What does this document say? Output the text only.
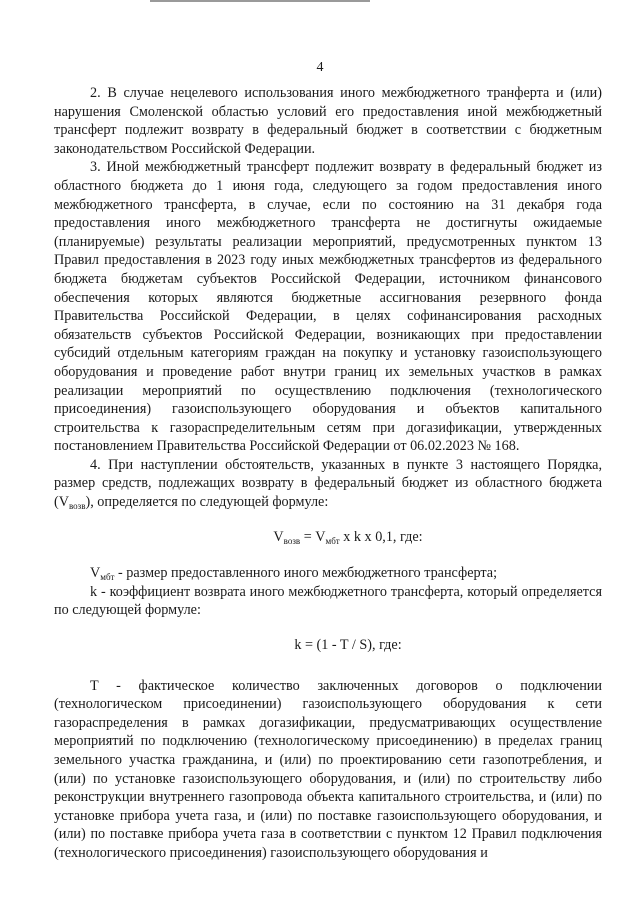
4

2. В случае нецелевого использования иного межбюджетного транферта и (или) нарушения Смоленской областью условий его предоставления иной межбюджетный трансферт подлежит возврату в федеральный бюджет в соответствии с бюджетным законодательством Российской Федерации.

3. Иной межбюджетный трансферт подлежит возврату в федеральный бюджет из областного бюджета до 1 июня года, следующего за годом предоставления иного межбюджетного трансферта, в случае, если по состоянию на 31 декабря года предоставления иного межбюджетного трансферта не достигнуты ожидаемые (планируемые) результаты реализации мероприятий, предусмотренных пунктом 13 Правил предоставления в 2023 году иных межбюджетных трансфертов из федерального бюджета бюджетам субъектов Российской Федерации, источником финансового обеспечения которых являются бюджетные ассигнования резервного фонда Правительства Российской Федерации, в целях софинансирования расходных обязательств субъектов Российской Федерации, возникающих при предоставлении субсидий отдельным категориям граждан на покупку и установку газоиспользующего оборудования и проведение работ внутри границ их земельных участков в рамках реализации мероприятий по осуществлению подключения (технологического присоединения) газоиспользующего оборудования и объектов капитального строительства к газораспределительным сетям при догазификации, утвержденных постановлением Правительства Российской Федерации от 06.02.2023 № 168.

4. При наступлении обстоятельств, указанных в пункте 3 настоящего Порядка, размер средств, подлежащих возврату в федеральный бюджет из областного бюджета $(V_{возв})$, определяется по следующей формуле:

$V_{возв} = V_{мбт}$ x k x 0,1, где:

$V_{мбт}$ - размер предоставленного иного межбюджетного трансферта;

k - коэффициент возврата иного межбюджетного трансферта, который определяется по следующей формуле:

k = (1 - T / S), где:

T - фактическое количество заключенных договоров о подключении (технологическом присоединении) газоиспользующего оборудования к сети газораспределения в рамках догазификации, предусматривающих осуществление мероприятий по подключению (технологическому присоединению) в пределах границ земельного участка гражданина, и (или) по проектированию сети газопотребления, и (или) по установке газоиспользующего оборудования, и (или) по строительству либо реконструкции внутреннего газопровода объекта капитального строительства, и (или) по установке прибора учета газа, и (или) по поставке газоиспользующего оборудования, и (или) по поставке прибора учета газа в соответствии с пунктом 12 Правил подключения (технологического присоединения) газоиспользующего оборудования и
